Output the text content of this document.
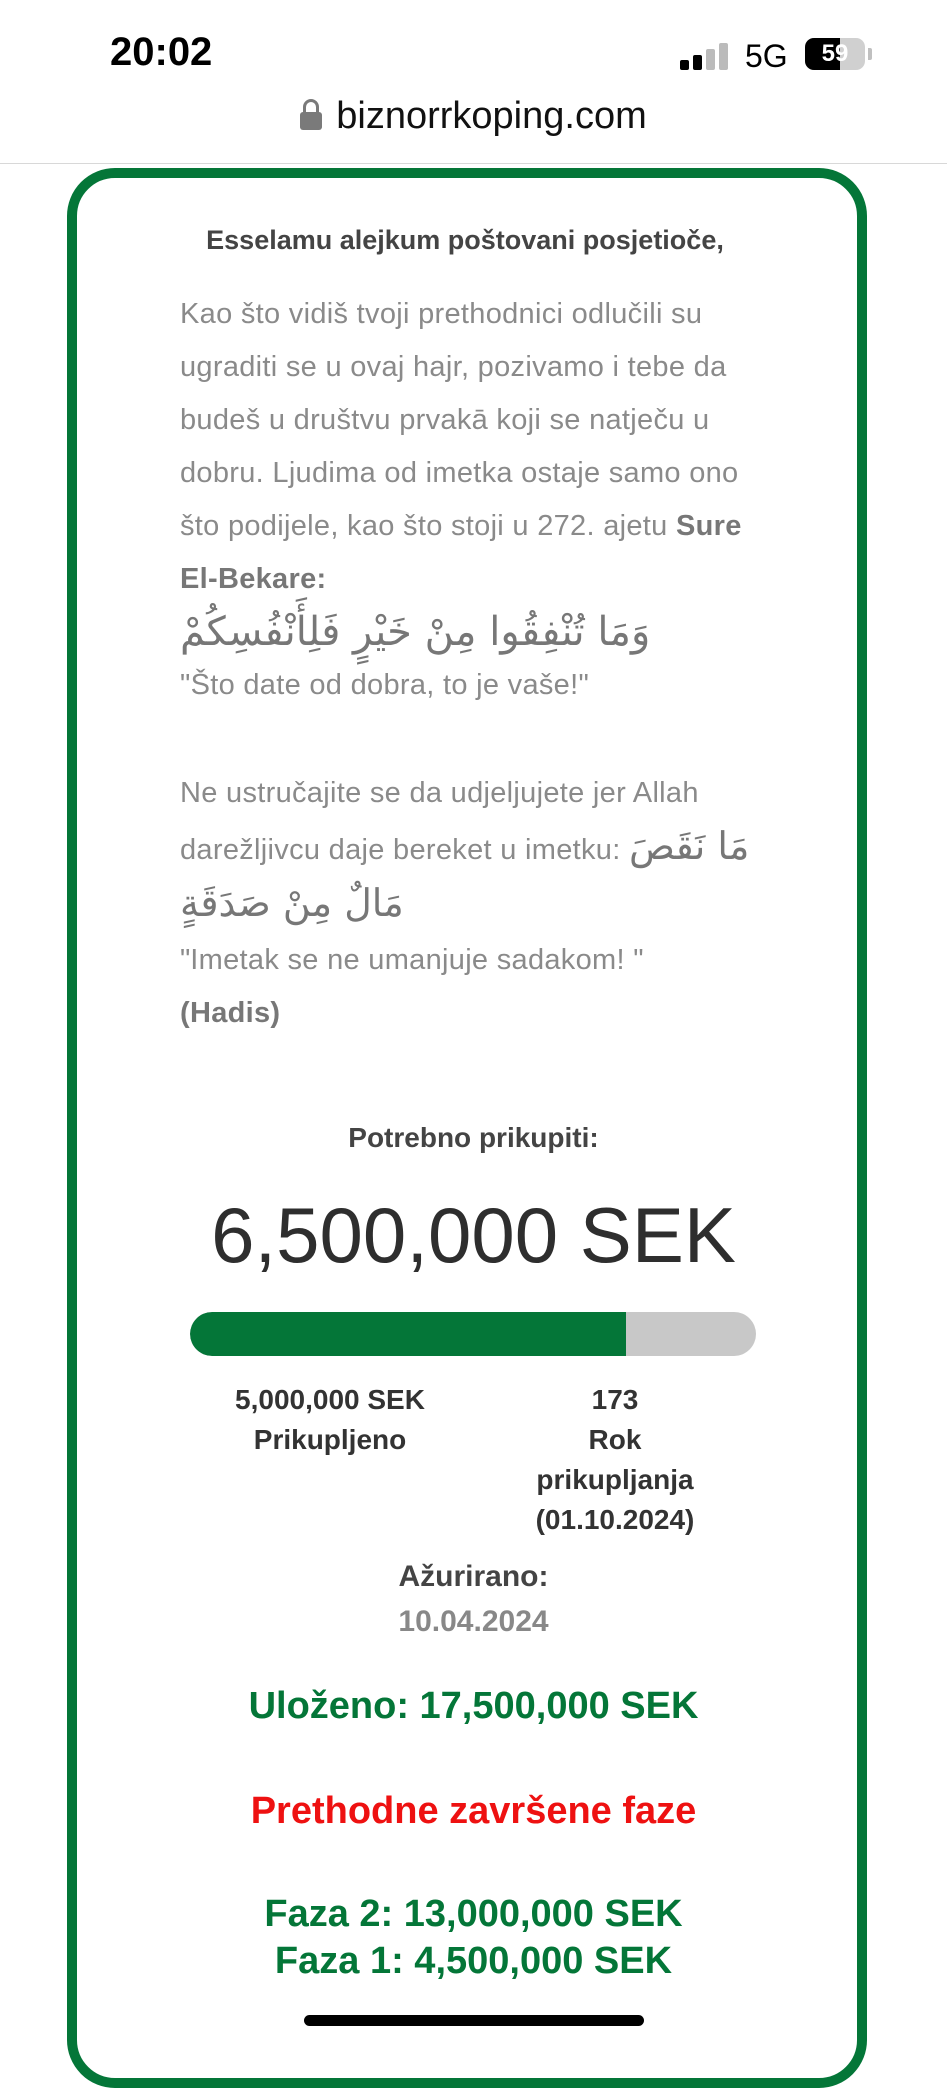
20:02	5G	59
biznorrkoping.com
Esselamu alejkum poštovani posjetioče,
Kao što vidiš tvoji prethodnici odlučili su ugraditi se u ovaj hajr, pozivamo i tebe da budeš u društvu prvakā koji se natječu u dobru. Ljudima od imetka ostaje samo ono što podijele, kao što stoji u 272. ajetu Sure El-Bekare:
وَمَا تُنْفِقُوا مِنْ خَيْرٍ فَلِأَنْفُسِكُمْ
"Što date od dobra, to je vaše!"
Ne ustručajite se da udjeljujete jer Allah darežljivcu daje bereket u imetku: مَا نَقَصَ مَالٌ مِنْ صَدَقَةٍ
"Imetak se ne umanjuje sadakom! "
(Hadis)
Potrebno prikupiti:
6,500,000 SEK
5,000,000 SEK
Prikupljeno
173
Rok
prikupljanja
(01.10.2024)
Ažurirano:
10.04.2024
Uloženo: 17,500,000 SEK
Prethodne završene faze
Faza 2: 13,000,000 SEK
Faza 1: 4,500,000 SEK
